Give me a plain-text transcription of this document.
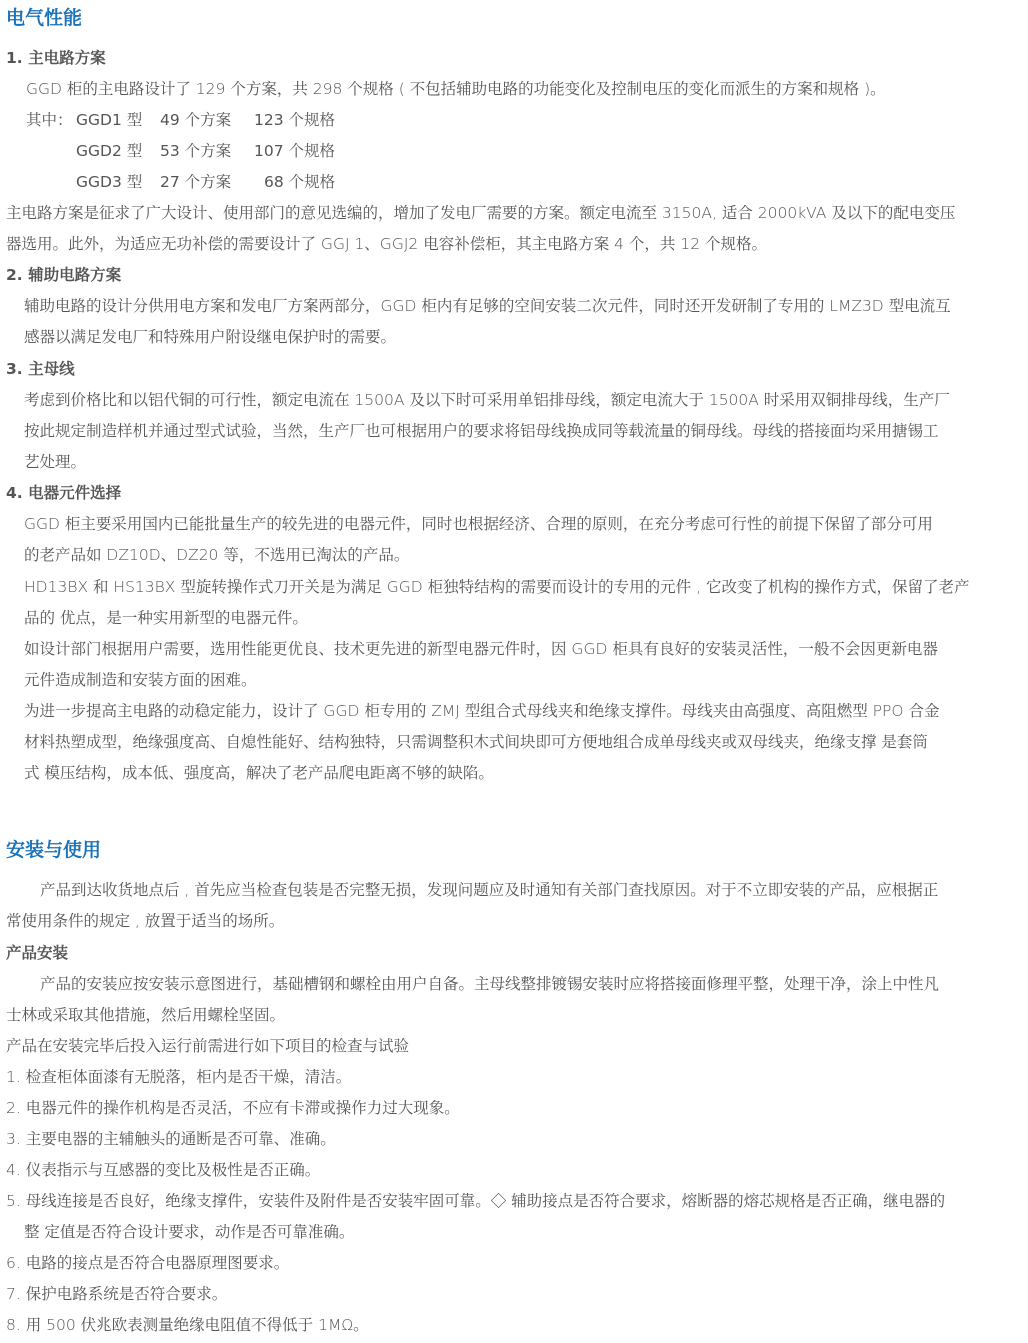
电气性能
1. 主电路方案
GGD 柜的主电路设计了 129 个方案，共 298 个规格 ( 不包括辅助电路的功能变化及控制电压的变化而派生的方案和规格 )。
其中： GGD1 型 49 个方案 123 个规格
GGD2 型 53 个方案 107 个规格
GGD3 型 27 个方案 68 个规格
主电路方案是征求了广大设计、使用部门的意见选编的，增加了发电厂需要的方案。额定电流至 3150A, 适合 2000kVA 及以下的配电变压
器选用。此外，为适应无功补偿的需要设计了 GGJ 1、GGJ2 电容补偿柜，其主电路方案 4 个，共 12 个规格。
2. 辅助电路方案
辅助电路的设计分供用电方案和发电厂方案两部分，GGD 柜内有足够的空间安装二次元件，同时还开发研制了专用的 LMZ3D 型电流互
感器以满足发电厂和特殊用户附设继电保护时的需要。
3. 主母线
考虑到价格比和以铝代铜的可行性，额定电流在 1500A 及以下时可采用单铝排母线，额定电流大于 1500A 时采用双铜排母线，生产厂
按此规定制造样机并通过型式试验，当然，生产厂也可根据用户的要求将铝母线换成同等载流量的铜母线。母线的搭接面均采用搪锡工
艺处理。
4. 电器元件选择
GGD 柜主要采用国内已能批量生产的较先进的电器元件，同时也根据经济、合理的原则，在充分考虑可行性的前提下保留了部分可用
的老产品如 DZ10D、DZ20 等，不选用已淘汰的产品。
HD13BX 和 HS13BX 型旋转操作式刀开关是为满足 GGD 柜独特结构的需要而设计的专用的元件 , 它改变了机构的操作方式，保留了老产
品的 优点，是一种实用新型的电器元件。
如设计部门根据用户需要，选用性能更优良、技术更先进的新型电器元件时，因 GGD 柜具有良好的安装灵活性，一般不会因更新电器
元件造成制造和安装方面的困难。
为进一步提高主电路的动稳定能力，设计了 GGD 柜专用的 ZMJ 型组合式母线夹和绝缘支撑件。母线夹由高强度、高阻燃型 PPO 合金
材料热塑成型，绝缘强度高、自熄性能好、结构独特，只需调整积木式间块即可方便地组合成单母线夹或双母线夹，绝缘支撑 是套筒
式 模压结构，成本低、强度高，解决了老产品爬电距离不够的缺陷。
安装与使用
产品到达收货地点后 , 首先应当检查包装是否完整无损，发现问题应及时通知有关部门查找原因。对于不立即安装的产品，应根据正
常使用条件的规定 , 放置于适当的场所。
产品安装
产品的安装应按安装示意图进行，基础槽钢和螺栓由用户自备。主母线整排镀锡安装时应将搭接面修理平整，处理干净，涂上中性凡
士林或采取其他措施，然后用螺栓坚固。
产品在安装完毕后投入运行前需进行如下项目的检查与试验
1. 检查柜体面漆有无脱落，柜内是否干燥，清洁。
2. 电器元件的操作机构是否灵活，不应有卡滞或操作力过大现象。
3. 主要电器的主辅触头的通断是否可靠、准确。
4. 仪表指示与互感器的变比及极性是否正确。
5. 母线连接是否良好，绝缘支撑件，安装件及附件是否安装牢固可靠。◇ 辅助接点是否符合要求，熔断器的熔芯规格是否正确，继电器的
整 定值是否符合设计要求，动作是否可靠准确。
6. 电路的接点是否符合电器原理图要求。
7. 保护电路系统是否符合要求。
8. 用 500 伏兆欧表测量绝缘电阻值不得低于 1MΩ。
